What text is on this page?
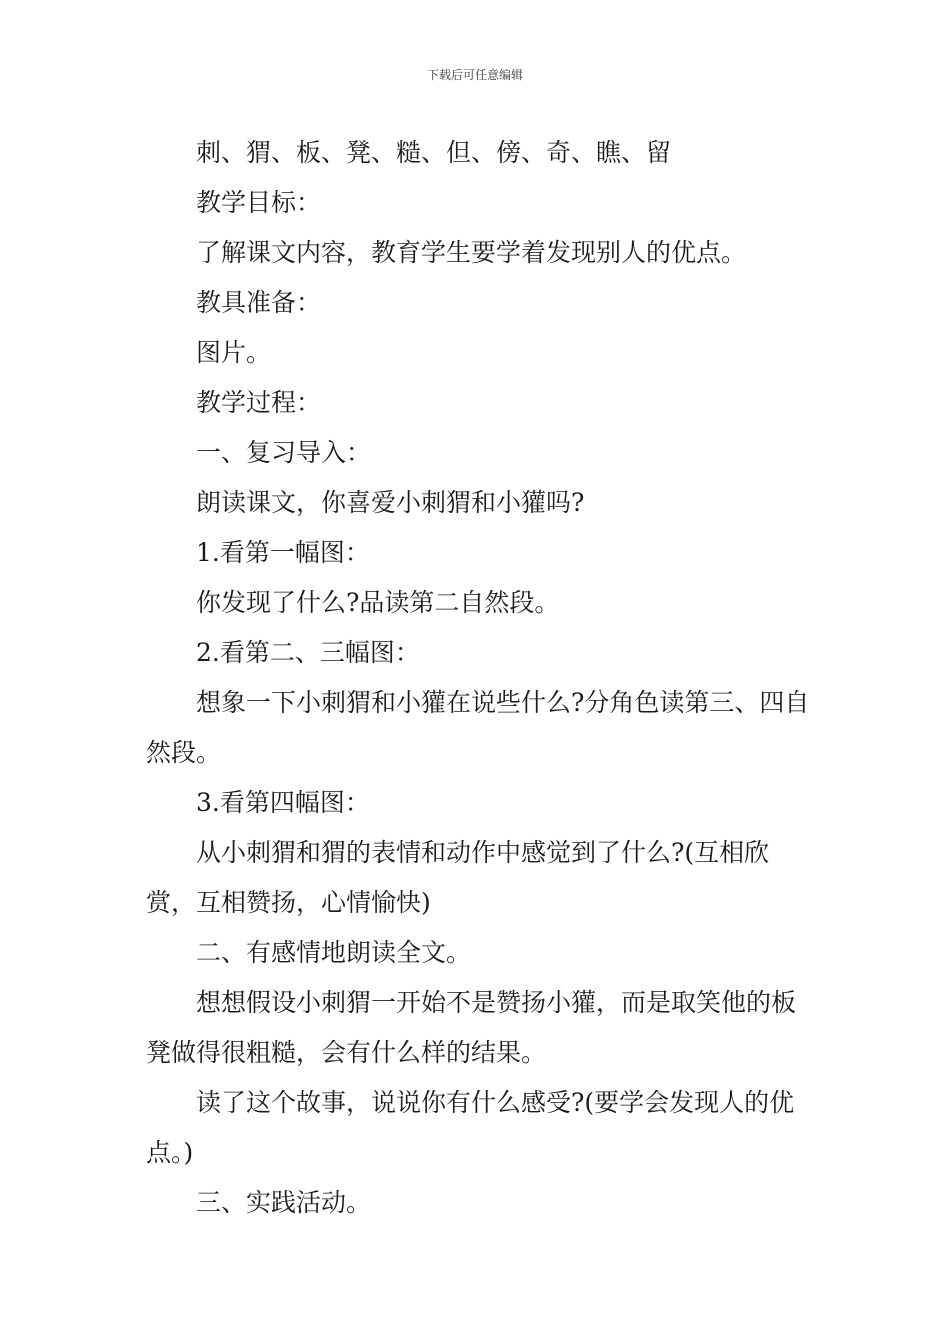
下载后可任意编辑

刺、猬、板、凳、糙、但、傍、奇、瞧、留

教学目标：

了解课文内容，教育学生要学着发现别人的优点。

教具准备：

图片。

教学过程：

一、复习导入：

朗读课文，你喜爱小刺猬和小獾吗?

1.看第一幅图：

你发现了什么?品读第二自然段。

2.看第二、三幅图：

想象一下小刺猬和小獾在说些什么?分角色读第三、四自然段。

3.看第四幅图：

从小刺猬和猬的表情和动作中感觉到了什么?(互相欣赏，互相赞扬，心情愉快)

二、有感情地朗读全文。

想想假设小刺猬一开始不是赞扬小獾，而是取笑他的板凳做得很粗糙，会有什么样的结果。

读了这个故事，说说你有什么感受?(要学会发现人的优点。)

三、实践活动。
